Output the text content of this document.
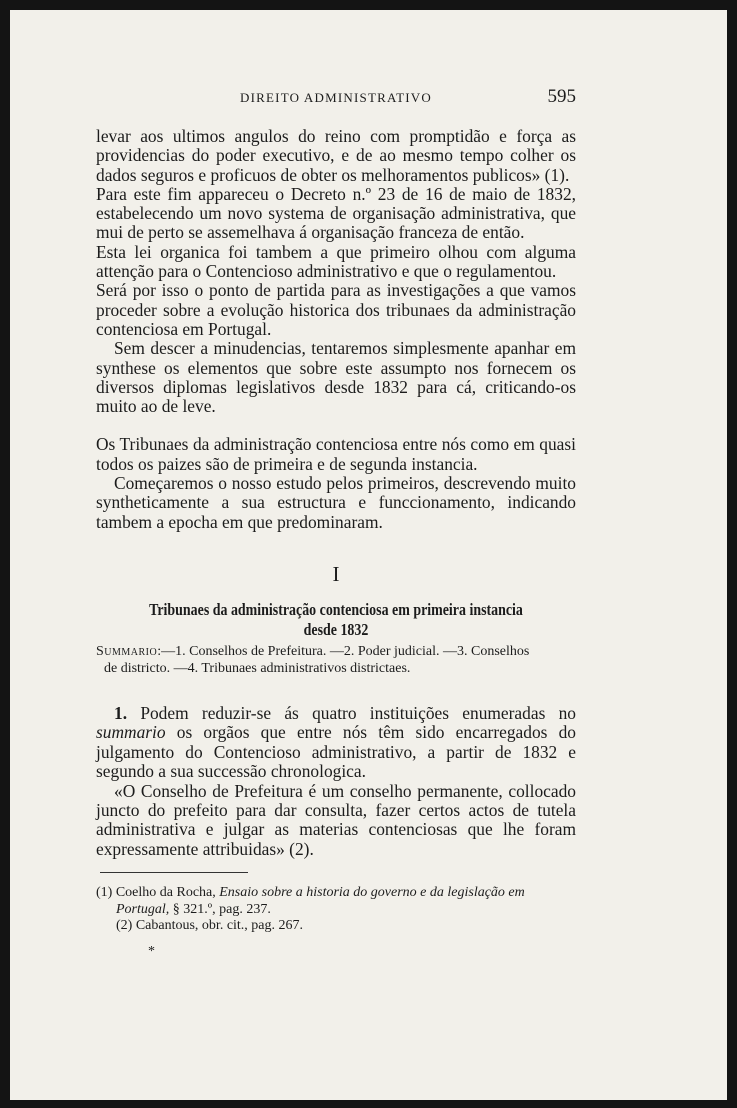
DIREITO ADMINISTRATIVO	595

levar aos ultimos angulos do reino com promptidão e força as providencias do poder executivo, e de ao mesmo tempo colher os dados seguros e proficuos de obter os melhoramentos publicos» (1).

Para este fim appareceu o Decreto n.º 23 de 16 de maio de 1832, estabelecendo um novo systema de organisação administrativa, que mui de perto se assemelhava á organisação franceza de então.

Esta lei organica foi tambem a que primeiro olhou com alguma attenção para o Contencioso administrativo e que o regulamentou.

Será por isso o ponto de partida para as investigações a que vamos proceder sobre a evolução historica dos tribunaes da administração contenciosa em Portugal.

Sem descer a minudencias, tentaremos simplesmente apanhar em synthese os elementos que sobre este assumpto nos fornecem os diversos diplomas legislativos desde 1832 para cá, criticando-os muito ao de leve.

Os Tribunaes da administração contenciosa entre nós como em quasi todos os paizes são de primeira e de segunda instancia.

Começaremos o nosso estudo pelos primeiros, descrevendo muito syntheticamente a sua estructura e funccionamento, indicando tambem a epocha em que predominaram.

I
Tribunaes da administração contenciosa em primeira instancia desde 1832
Summario:—1. Conselhos de Prefeitura. —2. Poder judicial. —3. Conselhos
de districto. —4. Tribunaes administrativos districtaes.

1. Podem reduzir-se ás quatro instituições enumeradas no summario os orgãos que entre nós têm sido encarregados do julgamento do Contencioso administrativo, a partir de 1832 e segundo a sua successão chronologica.

«O Conselho de Prefeitura é um conselho permanente, collocado juncto do prefeito para dar consulta, fazer certos actos de tutela administrativa e julgar as materias contenciosas que lhe foram expressamente attribuidas» (2).

(1) Coelho da Rocha, Ensaio sobre a historia do governo e da legislação em Portugal, § 321.º, pag. 237.

(2) Cabantous, obr. cit., pag. 267.

*
